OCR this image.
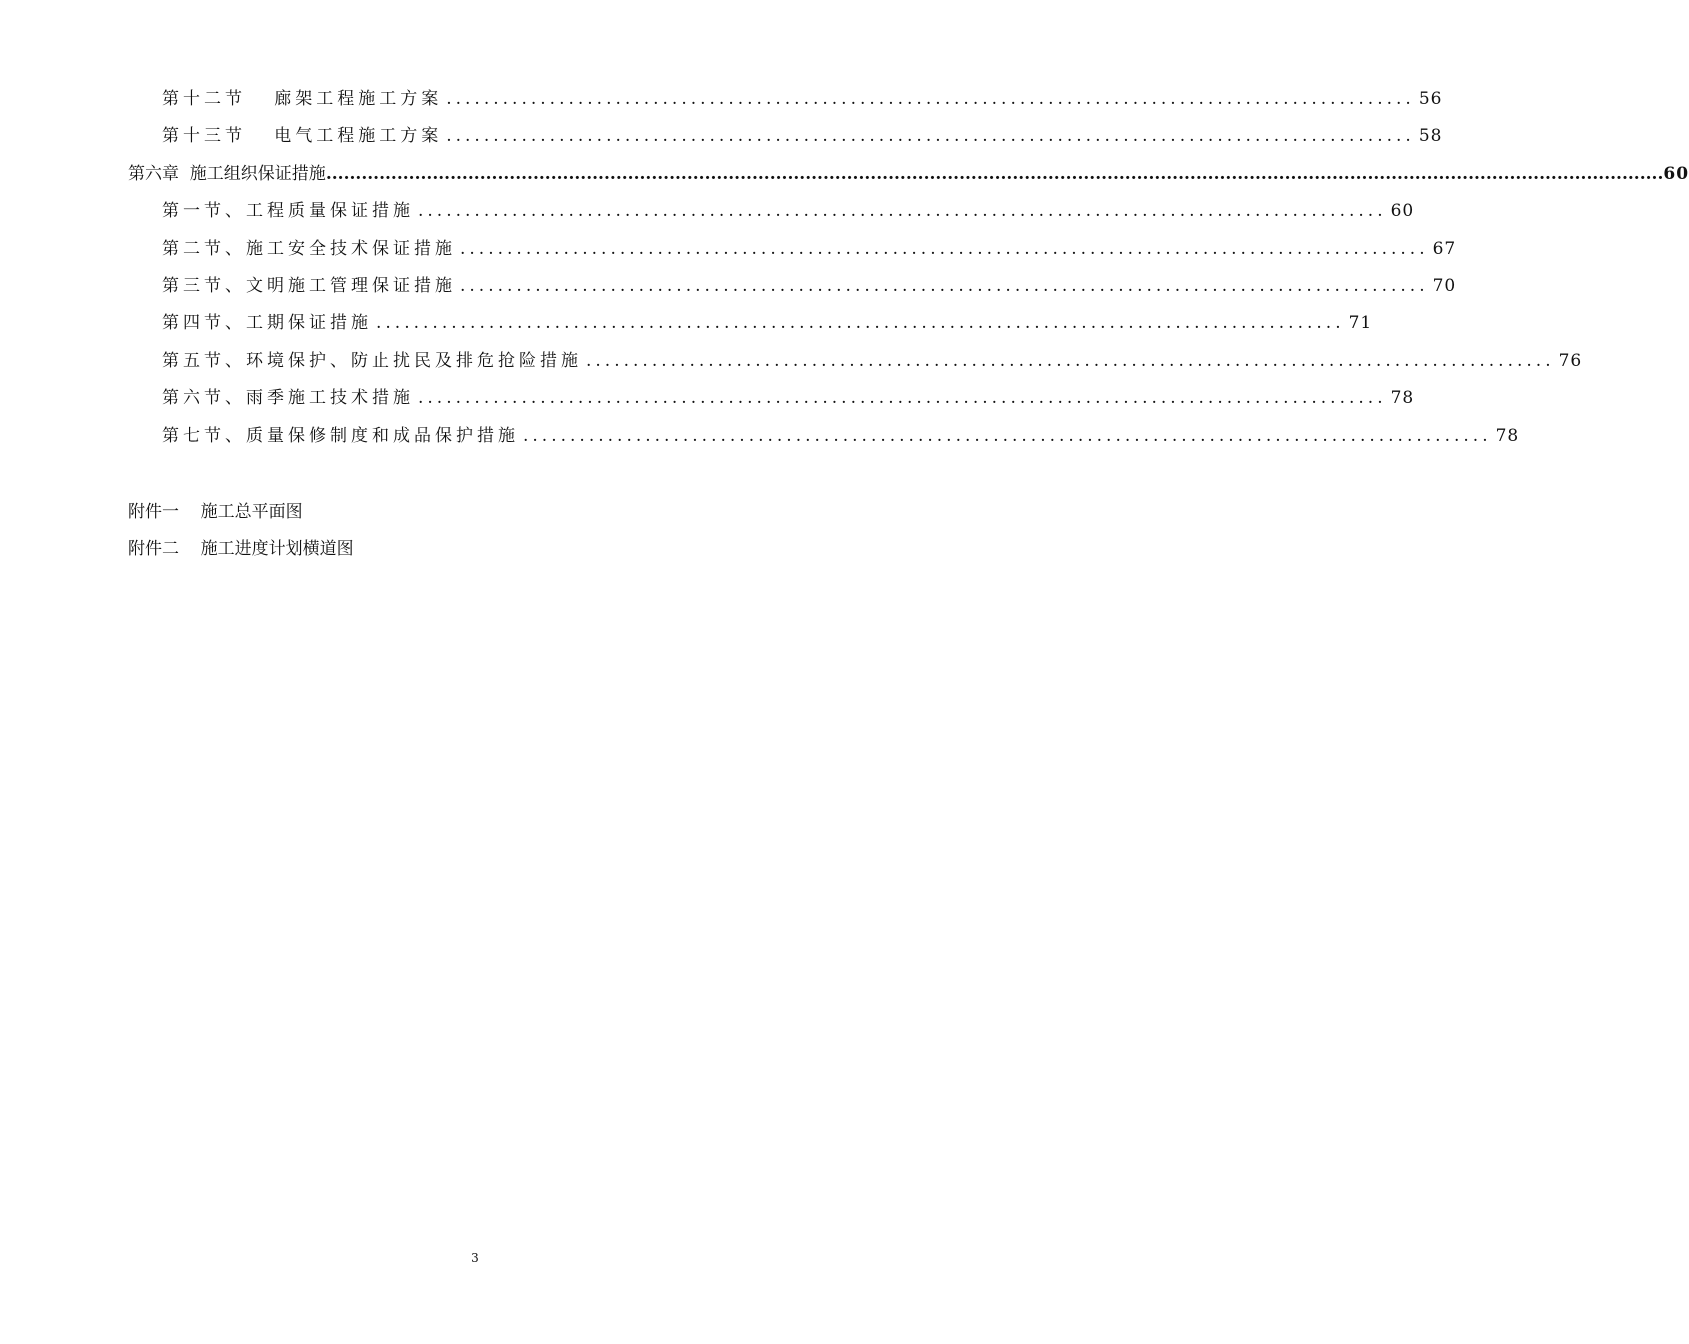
第十二节   廊架工程施工方案 ....................................................................................................... 56
第十三节   电气工程施工方案 ....................................................................................................... 58
第六章  施工组织保证措施 .................................................................................................................................................................................................................................. 60
第一节、工程质量保证措施 ....................................................................................................... 60
第二节、施工安全技术保证措施 ....................................................................................................... 67
第三节、文明施工管理保证措施 ....................................................................................................... 70
第四节、工期保证措施 ....................................................................................................... 71
第五节、环境保护、防止扰民及排危抢险措施 ....................................................................................................... 76
第六节、雨季施工技术措施 ....................................................................................................... 78
第七节、质量保修制度和成品保护措施 ....................................................................................................... 78
附件一    施工总平面图
附件二    施工进度计划横道图
3
